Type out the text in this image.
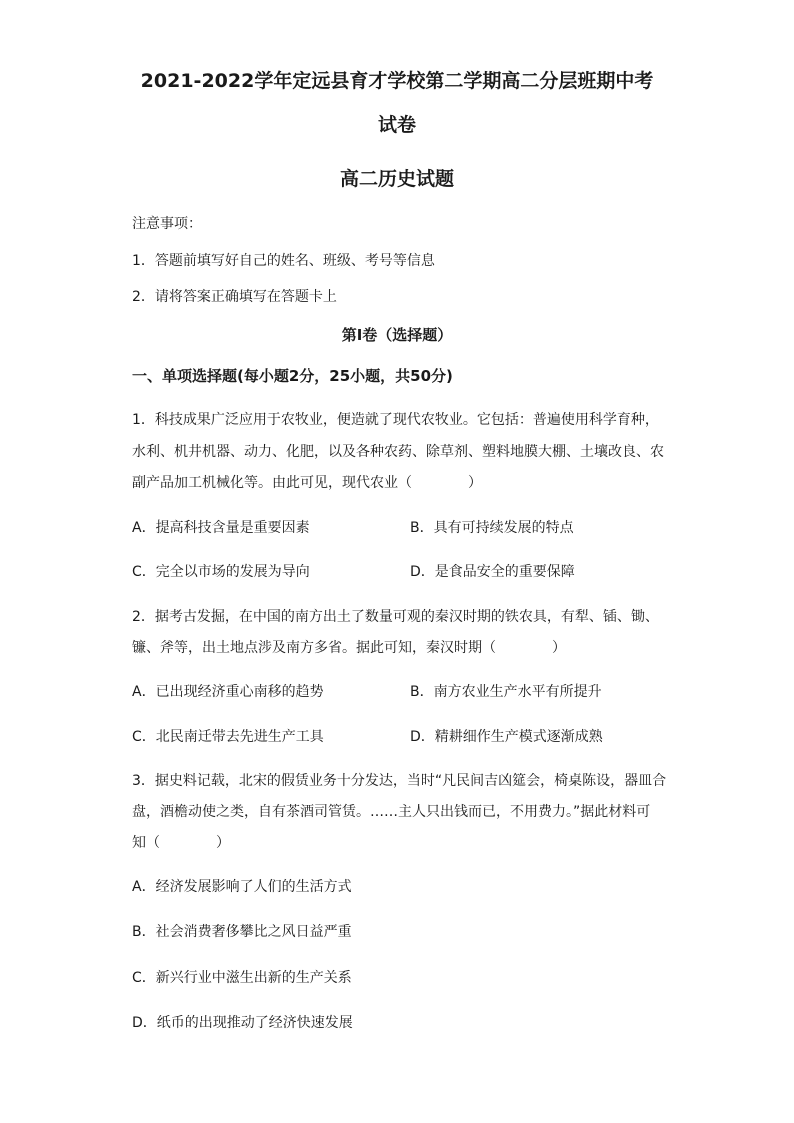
2021-2022学年定远县育才学校第二学期高二分层班期中考
试卷
高二历史试题
注意事项：
1．答题前填写好自己的姓名、班级、考号等信息
2．请将答案正确填写在答题卡上
第I卷（选择题）
一、单项选择题(每小题2分，25小题，共50分)
1．科技成果广泛应用于农牧业，便造就了现代农牧业。它包括：普遍使用科学育种，
水利、机井机器、动力、化肥，以及各种农药、除草剂、塑料地膜大棚、土壤改良、农
副产品加工机械化等。由此可见，现代农业（　　　　）
A．提高科技含量是重要因素	B．具有可持续发展的特点
C．完全以市场的发展为导向	D．是食品安全的重要保障
2．据考古发掘，在中国的南方出土了数量可观的秦汉时期的铁农具，有犁、锸、锄、
镰、斧等，出土地点涉及南方多省。据此可知，秦汉时期（　　　　）
A．已出现经济重心南移的趋势	B．南方农业生产水平有所提升
C．北民南迁带去先进生产工具	D．精耕细作生产模式逐渐成熟
3．据史料记载，北宋的假赁业务十分发达，当时“凡民间吉凶筵会，椅桌陈设，器皿合
盘，酒檐动使之类，自有茶酒司管赁。……主人只出钱而已，不用费力。”据此材料可
知（　　　　）
A．经济发展影响了人们的生活方式
B．社会消费奢侈攀比之风日益严重
C．新兴行业中滋生出新的生产关系
D．纸币的出现推动了经济快速发展
